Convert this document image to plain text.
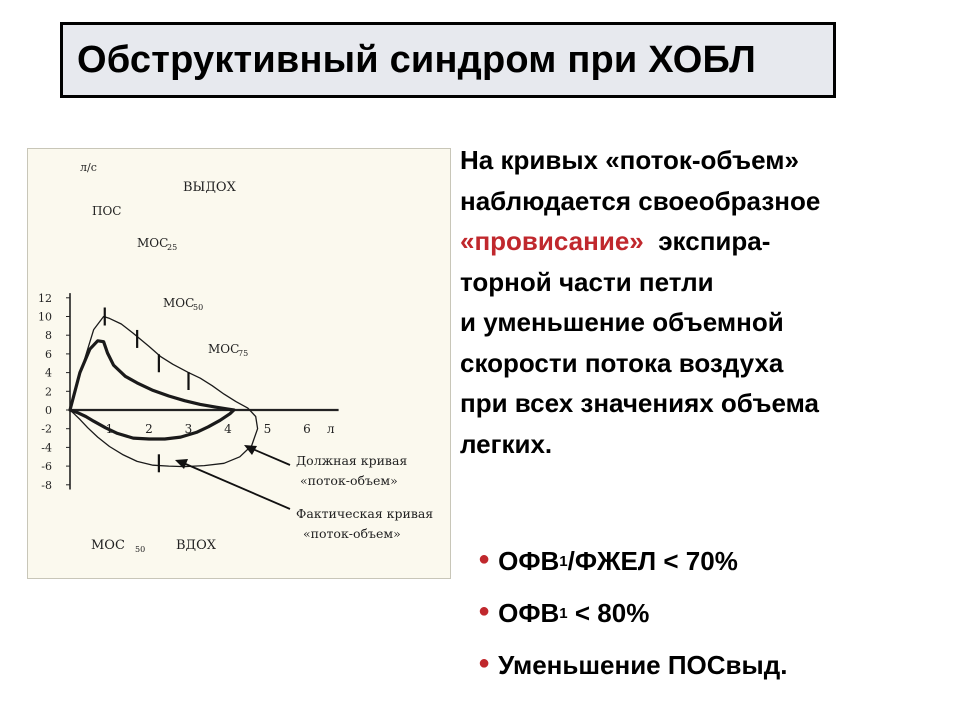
Обструктивный синдром при ХОБЛ
12
10
8
6
4
2
0
-2
-4
-6
-8
1	2	3	4	5	6 л
л/с
ВЫДОХ
ПОС
МОС
25
МОС
50
МОС
75
МОС 50 ВДОХ
Должная кривая
«поток-объем»
Фактическая кривая
«поток-объем»
На кривых «поток-объем»
наблюдается своеобразное
«провисание» экспира-
торной части петли
и уменьшение объемной
скорости потока воздуха
при всех значениях объема
легких.
● ОФВ 1 /ФЖЕЛ < 70%
● ОФВ 1 < 80%
● Уменьшение ПОСвыд.
